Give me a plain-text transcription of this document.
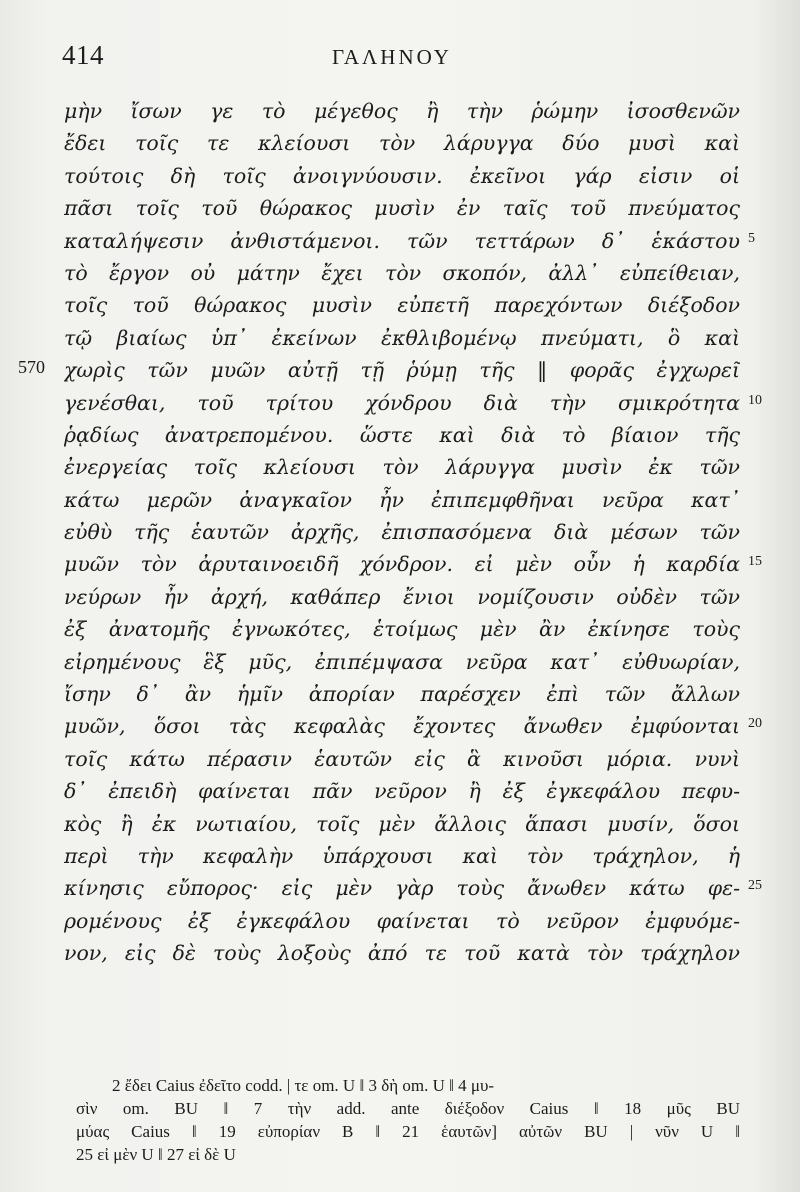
414	ΓΑΛΗΝΟΥ
μὴν ἴσων γε τὸ μέγεθος ἢ τὴν ῥώμην ἰσοσθενῶν
ἔδει τοῖς τε κλείουσι τὸν λάρυγγα δύο μυσὶ καὶ
τούτοις δὴ τοῖς ἀνοιγνύουσιν. ἐκεῖνοι γάρ εἰσιν οἱ
πᾶσι τοῖς τοῦ θώρακος μυσὶν ἐν ταῖς τοῦ πνεύματος
καταλήψεσιν ἀνθιστάμενοι. τῶν τεττάρων δ᾽ ἑκάστου 5
τὸ ἔργον οὐ μάτην ἔχει τὸν σκοπόν, ἀλλ᾽ εὐπείθειαν,
τοῖς τοῦ θώρακος μυσὶν εὐπετῆ παρεχόντων διέξοδον
τῷ βιαίως ὑπ᾽ ἐκείνων ἐκθλιβομένῳ πνεύματι, ὃ καὶ
570 χωρὶς τῶν μυῶν αὐτῇ τῇ ῥύμῃ τῆς ‖ φορᾶς ἐγχωρεῖ
γενέσθαι, τοῦ τρίτου χόνδρου διὰ τὴν σμικρότητα 10
ῥᾳδίως ἀνατρεπομένου. ὥστε καὶ διὰ τὸ βίαιον τῆς
ἐνεργείας τοῖς κλείουσι τὸν λάρυγγα μυσὶν ἐκ τῶν
κάτω μερῶν ἀναγκαῖον ἦν ἐπιπεμφθῆναι νεῦρα κατ᾽
εὐθὺ τῆς ἑαυτῶν ἀρχῆς, ἐπισπασόμενα διὰ μέσων τῶν
μυῶν τὸν ἀρυταινοειδῆ χόνδρον. εἰ μὲν οὖν ἡ καρδία 15
νεύρων ἦν ἀρχή, καθάπερ ἔνιοι νομίζουσιν οὐδὲν τῶν
ἐξ ἀνατομῆς ἐγνωκότες, ἑτοίμως μὲν ἂν ἐκίνησε τοὺς
εἰρημένους ἓξ μῦς, ἐπιπέμψασα νεῦρα κατ᾽ εὐθυωρίαν,
ἴσην δ᾽ ἂν ἡμῖν ἀπορίαν παρέσχεν ἐπὶ τῶν ἄλλων
μυῶν, ὅσοι τὰς κεφαλὰς ἔχοντες ἄνωθεν ἐμφύονται 20
τοῖς κάτω πέρασιν ἑαυτῶν εἰς ἃ κινοῦσι μόρια. νυνὶ
δ᾽ ἐπειδὴ φαίνεται πᾶν νεῦρον ἢ ἐξ ἐγκεφάλου πεφυ-
κὸς ἢ ἐκ νωτιαίου, τοῖς μὲν ἄλλοις ἅπασι μυσίν, ὅσοι
περὶ τὴν κεφαλὴν ὑπάρχουσι καὶ τὸν τράχηλον, ἡ
κίνησις εὔπορος· εἰς μὲν γὰρ τοὺς ἄνωθεν κάτω φε- 25
ρομένους ἐξ ἐγκεφάλου φαίνεται τὸ νεῦρον ἐμφυόμε-
νον, εἰς δὲ τοὺς λοξοὺς ἀπό τε τοῦ κατὰ τὸν τράχηλον
2 ἔδει Caius ἐδεῖτο codd. | τε om. U ‖ 3 δὴ om. U ‖ 4 μυ-
σὶν om. BU ‖ 7 τὴν add. ante διέξοδον Caius ‖ 18 μῦς BU
μύας Caius ‖ 19 εὐπορίαν B ‖ 21 ἑαυτῶν] αὐτῶν BU | νῦν U ‖
25 εἰ μὲν U ‖ 27 εἰ δὲ U
